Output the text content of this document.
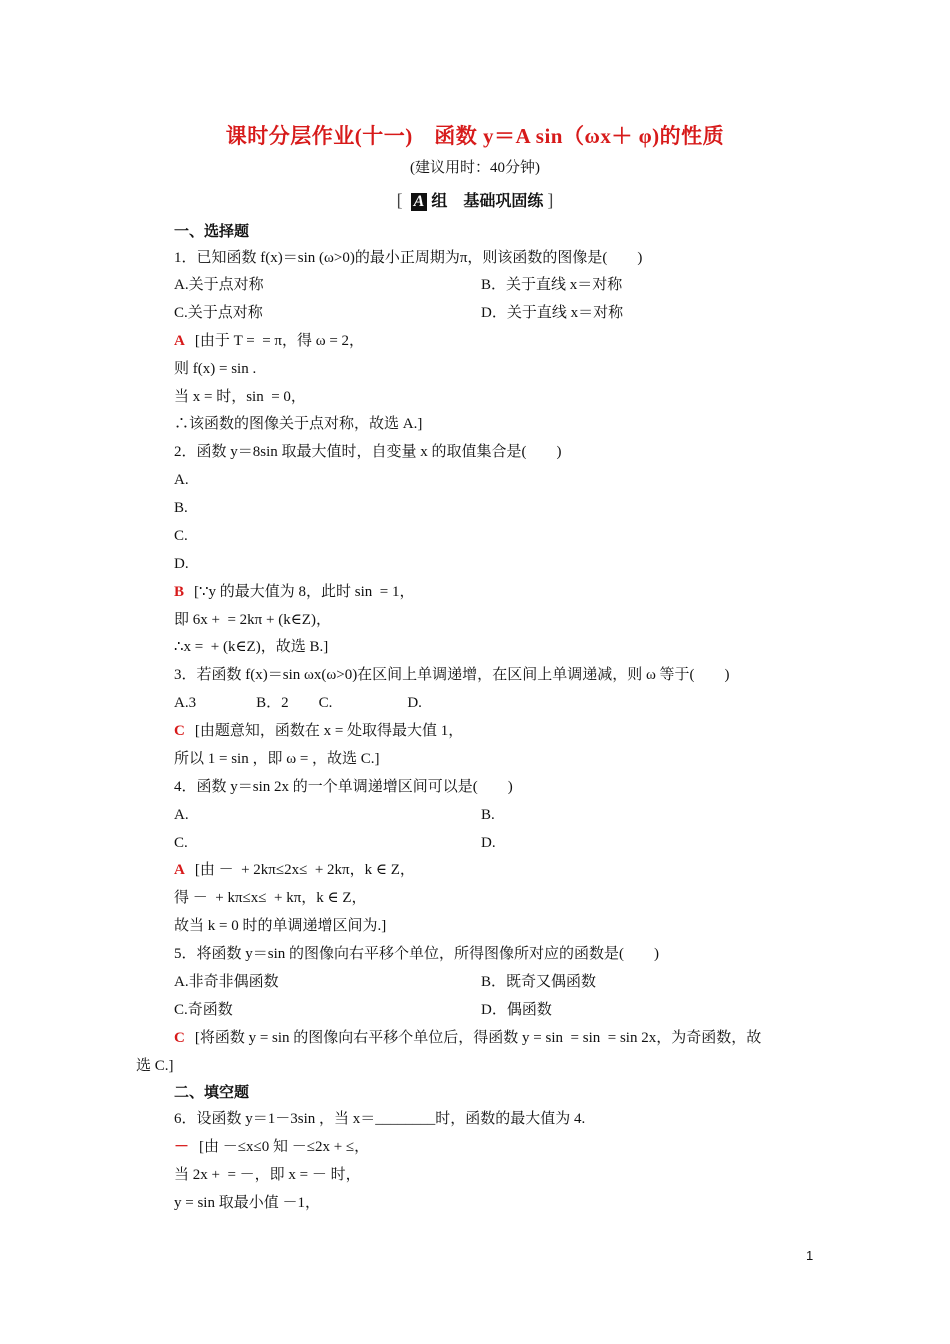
课时分层作业(十一)　函数 y＝A sin（ωx＋ φ)的性质
(建议用时：40分钟)
[ A 组　基础巩固练 ]
一、选择题
1．已知函数 f(x)＝sin (ω>0)的最小正周期为π，则该函数的图像是(　　)
A.关于点对称	B．关于直线 x＝对称
C.关于点对称	D．关于直线 x＝对称
A [由于 T =  = π，得 ω = 2，
则 f(x) = sin .
当 x = 时，sin  = 0，
∴该函数的图像关于点对称，故选 A.]
2．函数 y＝8sin 取最大值时，自变量 x 的取值集合是(　　)
A.
B.
C.
D.
B [∵y 的最大值为 8，此时 sin  = 1，
即 6x +  = 2kπ + (k∈Z)，
∴x =  + (k∈Z)，故选 B.]
3．若函数 f(x)＝sin ωx(ω>0)在区间上单调递增，在区间上单调递减，则 ω 等于(　　)
A.3　　　　B．2　　C.　　　　　D.
C [由题意知，函数在 x = 处取得最大值 1，
所以 1 = sin ，即 ω = ，故选 C.]
4．函数 y＝sin 2x 的一个单调递增区间可以是(　　)
A.	B.
C.	D.
A [由 －  + 2kπ≤2x≤  + 2kπ，k ∈ Z，
得 －  + kπ≤x≤  + kπ，k ∈ Z，
故当 k = 0 时的单调递增区间为.]
5．将函数 y＝sin 的图像向右平移个单位，所得图像所对应的函数是(　　)
A.非奇非偶函数	B．既奇又偶函数
C.奇函数	D．偶函数
C [将函数 y = sin 的图像向右平移个单位后，得函数 y = sin  = sin  = sin 2x，为奇函数，故
选 C.]
二、填空题
6．设函数 y＝1－3sin ，当 x＝________时，函数的最大值为 4.
－ [由 －≤x≤0 知 －≤2x + ≤，
当 2x +  = －，即 x = － 时，
y = sin 取最小值 －1，
1
